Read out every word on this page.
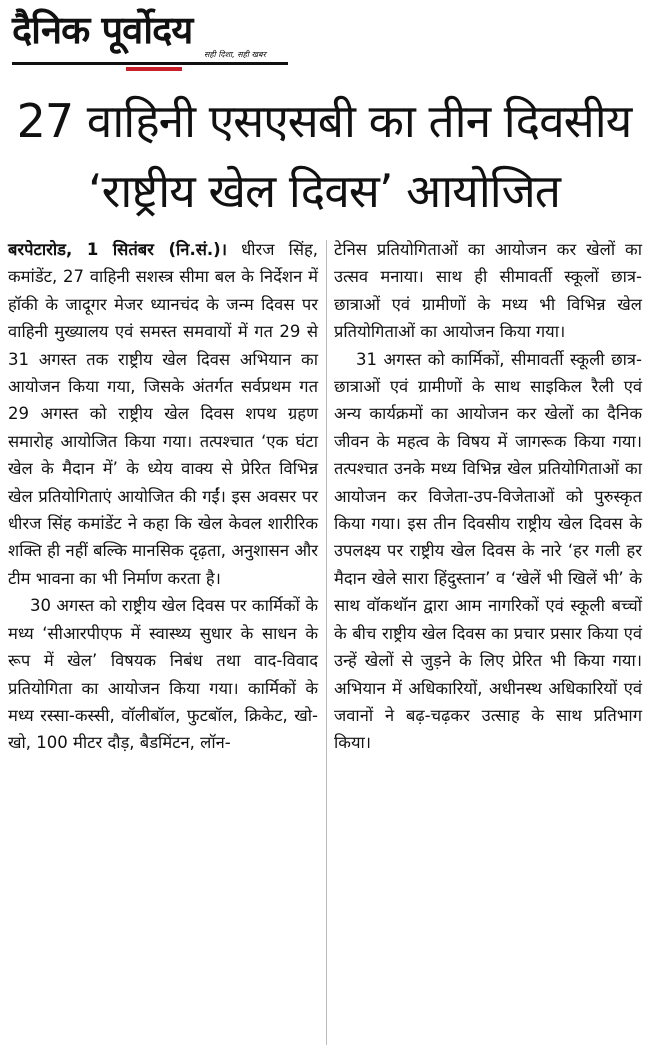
दैनिक पूर्वोदय
सही दिशा, सही खबर
27 वाहिनी एसएसबी का तीन दिवसीय
‘राष्ट्रीय खेल दिवस’ आयोजित

बरपेटारोड, 1 सितंबर (नि.सं.)। धीरज सिंह, कमांडेंट, 27 वाहिनी सशस्त्र सीमा बल के निर्देशन में हॉकी के जादूगर मेजर ध्यानचंद के जन्म दिवस पर वाहिनी मुख्यालय एवं समस्त समवायों में गत 29 से 31 अगस्त तक राष्ट्रीय खेल दिवस अभियान का आयोजन किया गया, जिसके अंतर्गत सर्वप्रथम गत 29 अगस्त को राष्ट्रीय खेल दिवस शपथ ग्रहण समारोह आयोजित किया गया। तत्पश्चात ‘एक घंटा खेल के मैदान में’ के ध्येय वाक्य से प्रेरित विभिन्न खेल प्रतियोगिताएं आयोजित की गईं। इस अवसर पर धीरज सिंह कमांडेंट ने कहा कि खेल केवल शारीरिक शक्ति ही नहीं बल्कि मानसिक दृढ़ता, अनुशासन और टीम भावना का भी निर्माण करता है।

30 अगस्त को राष्ट्रीय खेल दिवस पर कार्मिकों के मध्य ‘सीआरपीएफ में स्वास्थ्य सुधार के साधन के रूप में खेल’ विषयक निबंध तथा वाद-विवाद प्रतियोगिता का आयोजन किया गया। कार्मिकों के मध्य रस्सा-कस्सी, वॉलीबॉल, फुटबॉल, क्रिकेट, खो-खो, 100 मीटर दौड़, बैडमिंटन, लॉन-

टेनिस प्रतियोगिताओं का आयोजन कर खेलों का उत्सव मनाया। साथ ही सीमावर्ती स्कूलों छात्र-छात्राओं एवं ग्रामीणों के मध्य भी विभिन्न खेल प्रतियोगिताओं का आयोजन किया गया।

31 अगस्त को कार्मिकों, सीमावर्ती स्कूली छात्र-छात्राओं एवं ग्रामीणों के साथ साइकिल रैली एवं अन्य कार्यक्रमों का आयोजन कर खेलों का दैनिक जीवन के महत्व के विषय में जागरूक किया गया। तत्पश्चात उनके मध्य विभिन्न खेल प्रतियोगिताओं का आयोजन कर विजेता-उप-विजेताओं को पुरुस्कृत किया गया। इस तीन दिवसीय राष्ट्रीय खेल दिवस के उपलक्ष्य पर राष्ट्रीय खेल दिवस के नारे ‘हर गली हर मैदान खेले सारा हिंदुस्तान’ व ‘खेलें भी खिलें भी’ के साथ वॉकथॉन द्वारा आम नागरिकों एवं स्कूली बच्चों के बीच राष्ट्रीय खेल दिवस का प्रचार प्रसार किया एवं उन्हें खेलों से जुड़ने के लिए प्रेरित भी किया गया। अभियान में अधिकारियों, अधीनस्थ अधिकारियों एवं जवानों ने बढ़-चढ़कर उत्साह के साथ प्रतिभाग किया।
